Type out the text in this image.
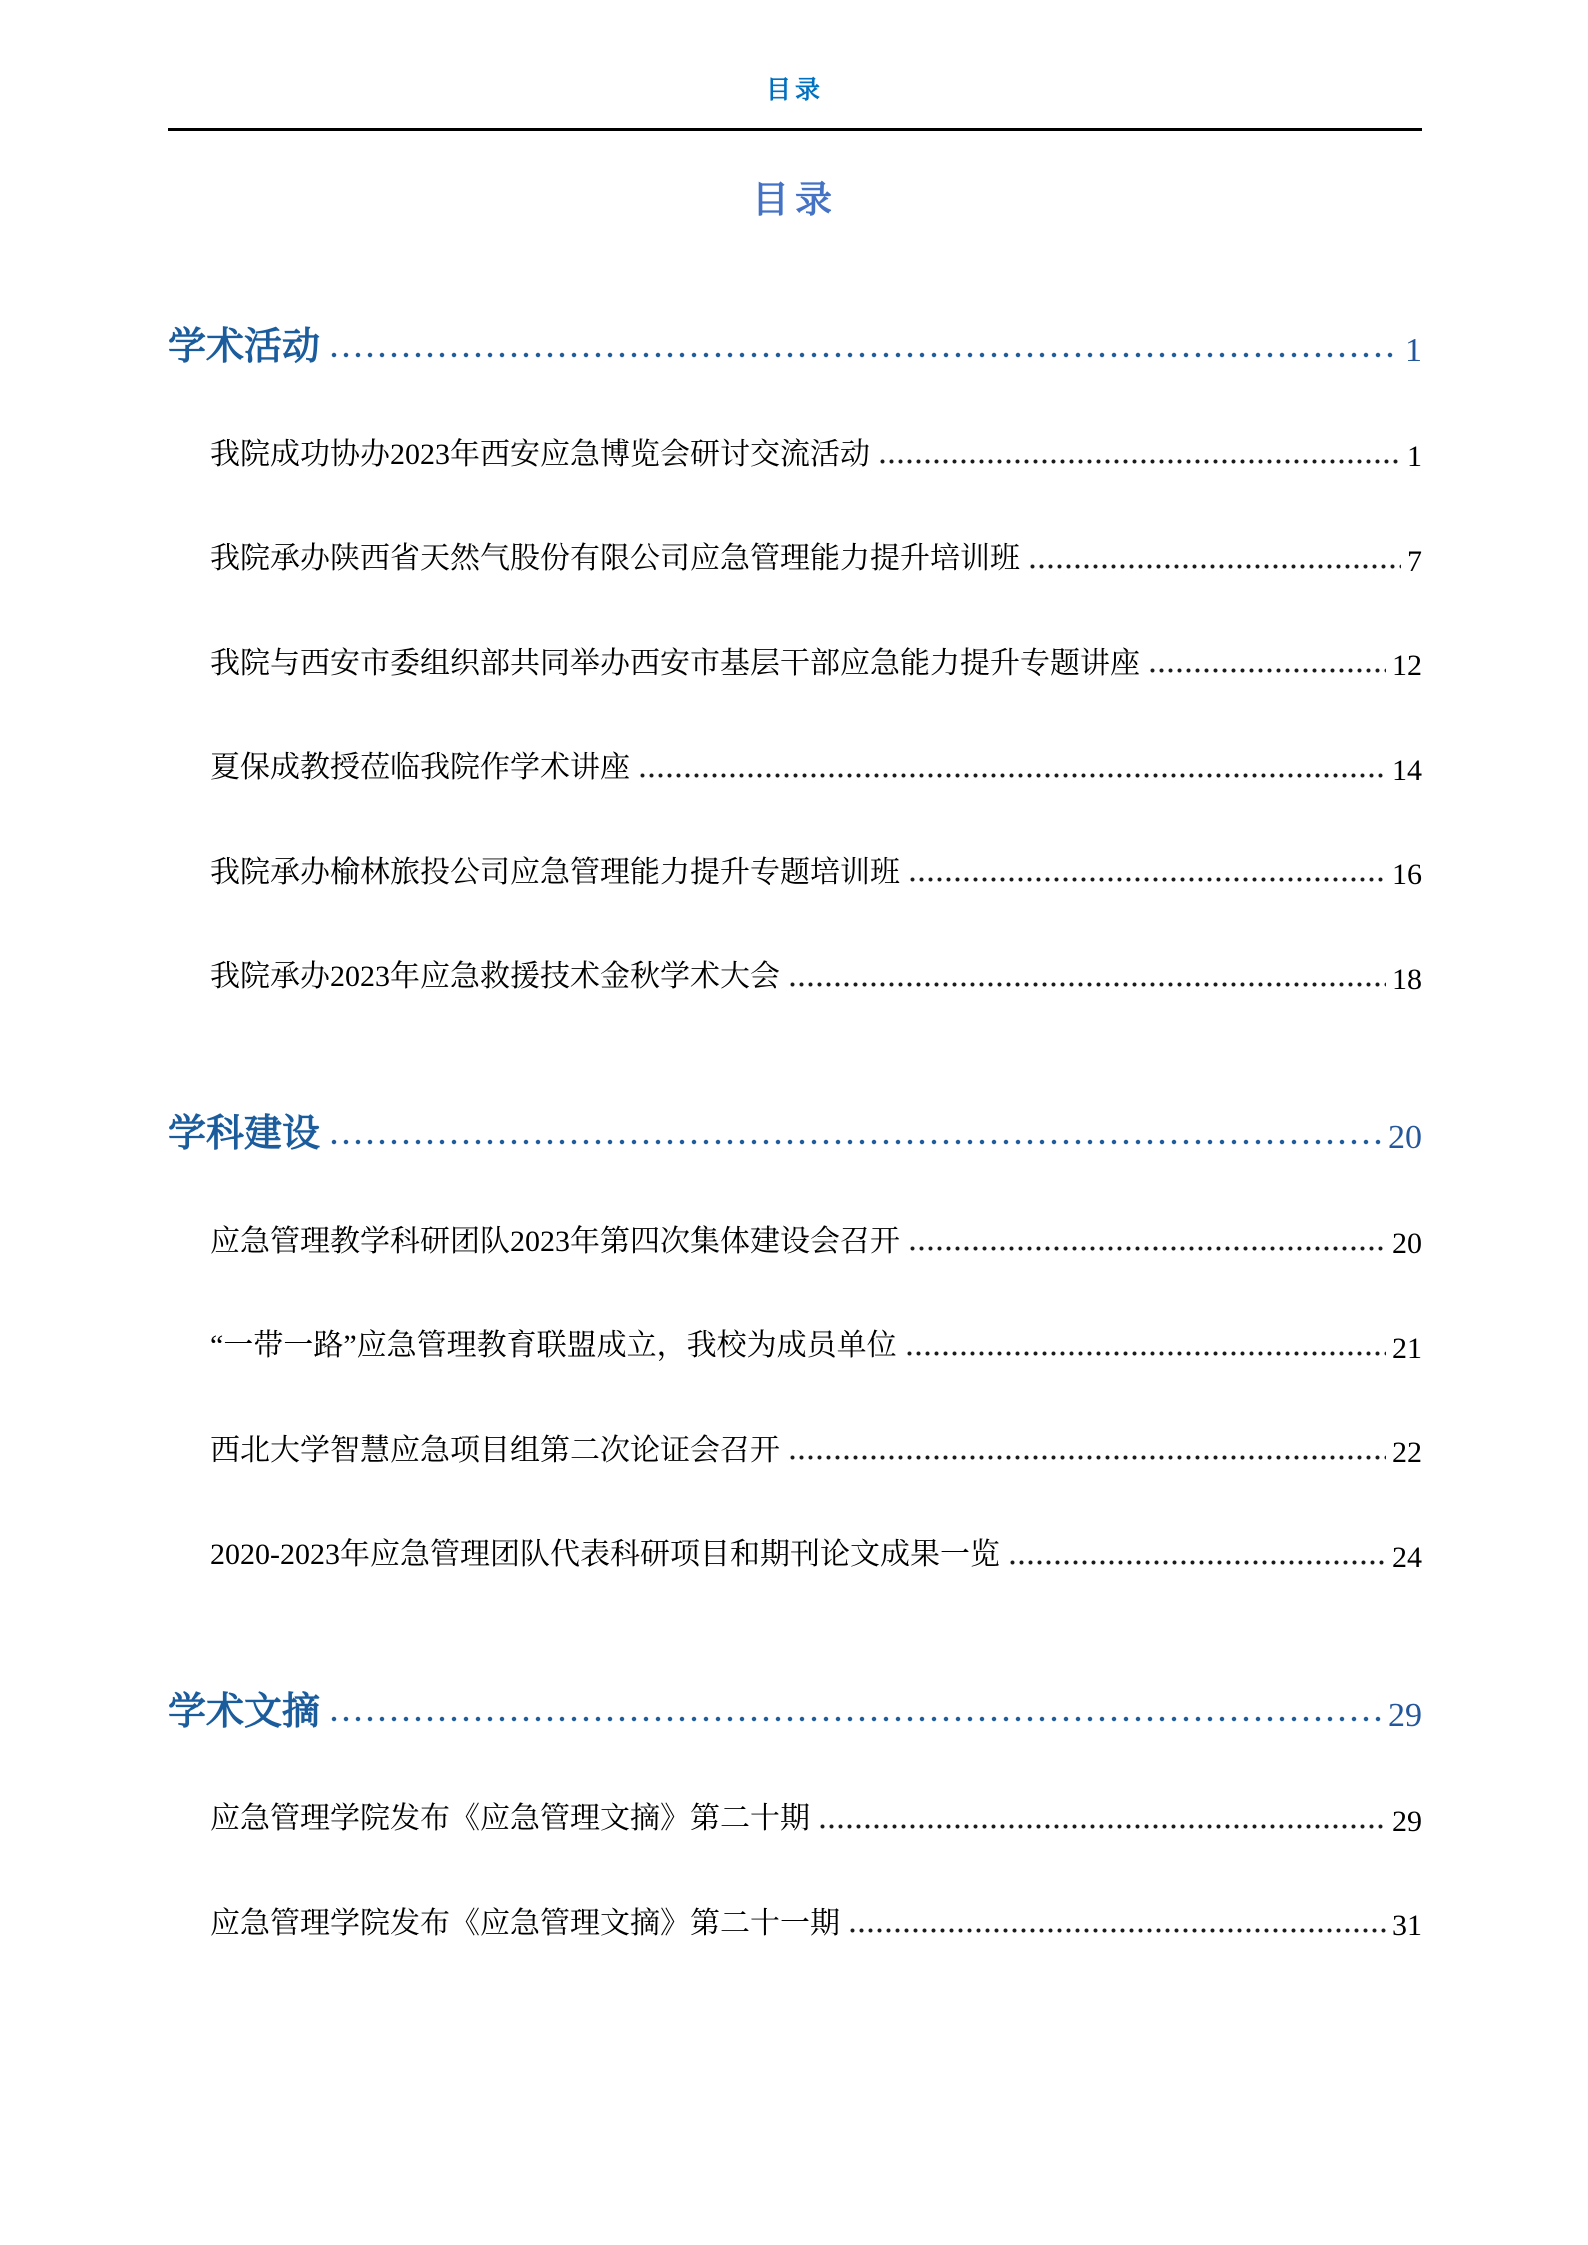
目录
目录
学术活动	1
我院成功协办2023年西安应急博览会研讨交流活动	1
我院承办陕西省天然气股份有限公司应急管理能力提升培训班	7
我院与西安市委组织部共同举办西安市基层干部应急能力提升专题讲座	12
夏保成教授莅临我院作学术讲座	14
我院承办榆林旅投公司应急管理能力提升专题培训班	16
我院承办2023年应急救援技术金秋学术大会	18
学科建设	20
应急管理教学科研团队2023年第四次集体建设会召开	20
“一带一路”应急管理教育联盟成立，我校为成员单位	21
西北大学智慧应急项目组第二次论证会召开	22
2020-2023年应急管理团队代表科研项目和期刊论文成果一览	24
学术文摘	29
应急管理学院发布《应急管理文摘》第二十期	29
应急管理学院发布《应急管理文摘》第二十一期	31
